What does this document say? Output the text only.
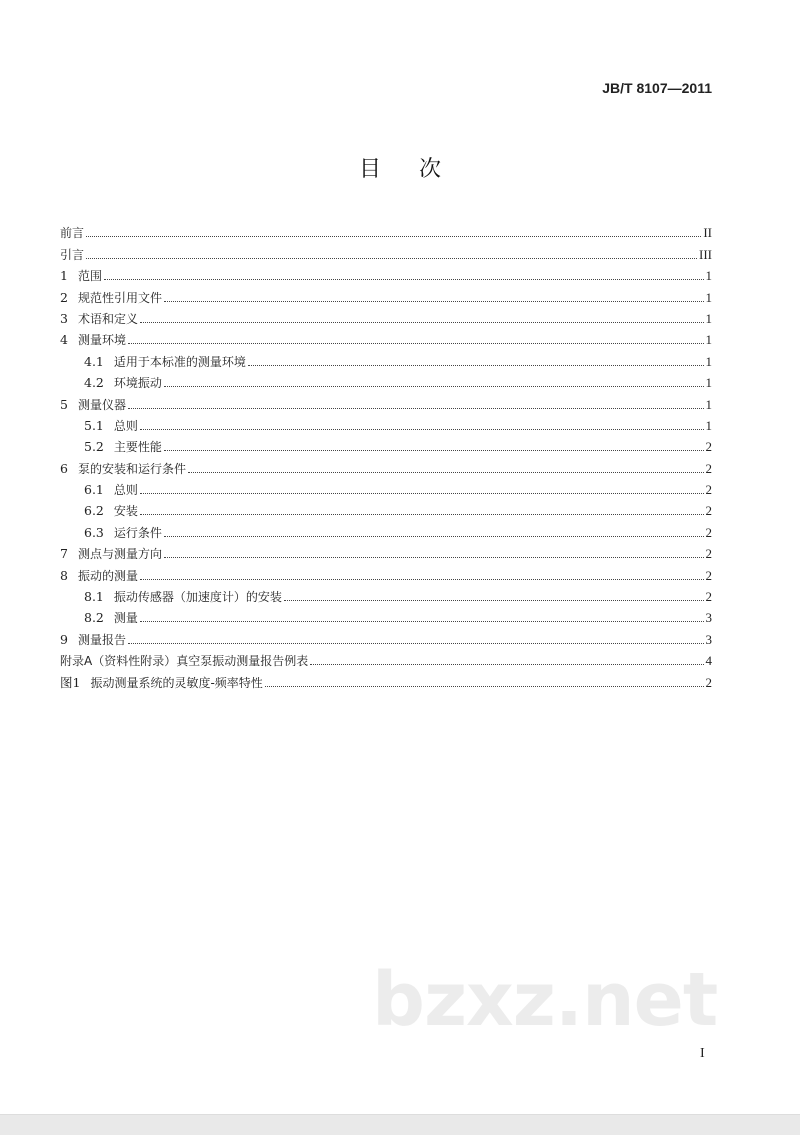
JB/T 8107—2011
目次
前言	II
引言	III
1 范围	1
2 规范性引用文件	1
3 术语和定义	1
4 测量环境	1
4.1 适用于本标准的测量环境	1
4.2 环境振动	1
5 测量仪器	1
5.1 总则	1
5.2 主要性能	2
6 泵的安装和运行条件	2
6.1 总则	2
6.2 安装	2
6.3 运行条件	2
7 测点与测量方向	2
8 振动的测量	2
8.1 振动传感器（加速度计）的安装	2
8.2 测量	3
9 测量报告	3
附录A（资料性附录）真空泵振动测量报告例表	4
图1 振动测量系统的灵敏度-频率特性	2
bzxz.net
I
